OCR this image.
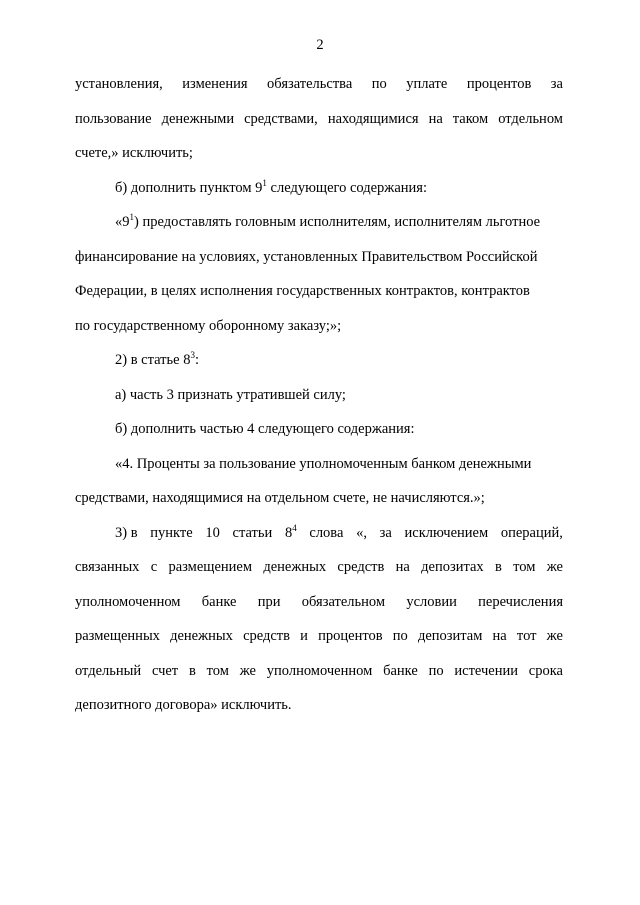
2
установления, изменения обязательства по уплате процентов за
пользование денежными средствами, находящимися на таком отдельном
счете,» исключить;
б) дополнить пунктом $9^1$ следующего содержания:
«$9^1$) предоставлять головным исполнителям, исполнителям льготное
финансирование на условиях, установленных Правительством Российской
Федерации, в целях исполнения государственных контрактов, контрактов
по государственному оборонному заказу;»;
2) в статье $8^3$:
а) часть 3 признать утратившей силу;
б) дополнить частью 4 следующего содержания:
«4. Проценты за пользование уполномоченным банком денежными
средствами, находящимися на отдельном счете, не начисляются.»;
3) в пункте 10 статьи $8^4$ слова «, за исключением операций,
связанных с размещением денежных средств на депозитах в том же
уполномоченном банке при обязательном условии перечисления
размещенных денежных средств и процентов по депозитам на тот же
отдельный счет в том же уполномоченном банке по истечении срока
депозитного договора» исключить.
